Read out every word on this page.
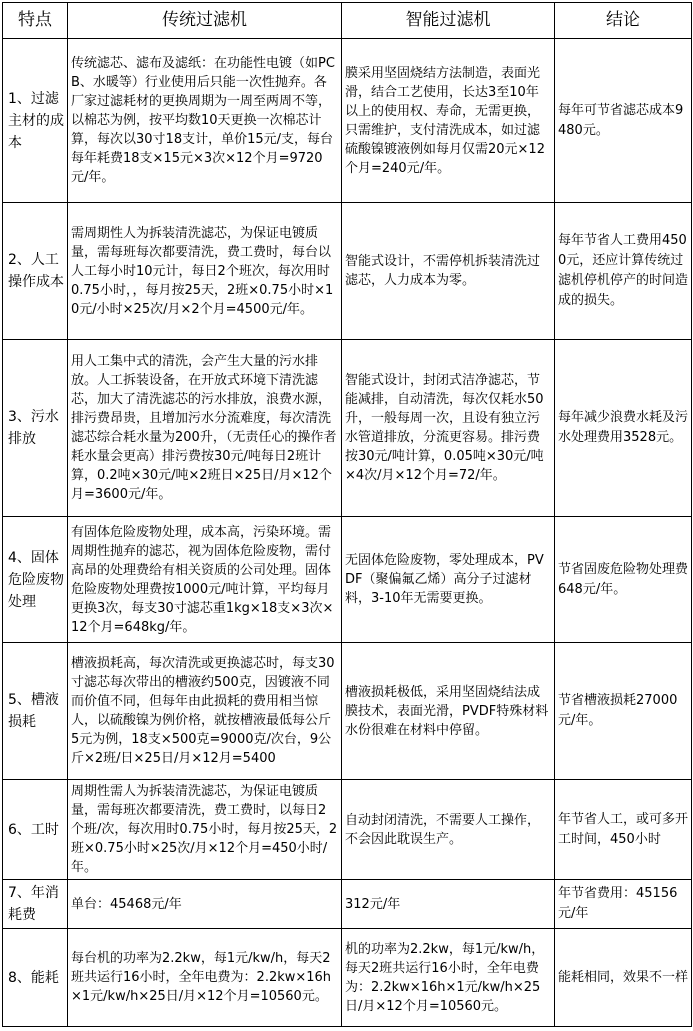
特点	传统过滤机	智能过滤机	结论
1、过滤主材的成本	传统滤芯、滤布及滤纸：在功能性电镀（如PCB、水暖等）行业使用后只能一次性抛弃。各厂家过滤耗材的更换周期为一周至两周不等，以棉芯为例，按平均数10天更换一次棉芯计算，每次以30寸18支计，单价15元/支，每台每年耗费18支×15元×3次×12个月=9720元/年。	膜采用坚固烧结方法制造，表面光滑，结合工艺使用，长达3至10年以上的使用权、寿命，无需更换，只需维护，支付清洗成本，如过滤硫酸镍镀液例如每月仅需20元×12个月=240元/年。	每年可节省滤芯成本9480元。
2、人工操作成本	需周期性人为拆装清洗滤芯，为保证电镀质量，需每班每次都要清洗，费工费时，每台以人工每小时10元计，每日2个班次，每次用时0.75小时，，每月按25天，2班×0.75小时×10元/小时×25次/月×2个月=4500元/年。	智能式设计，不需停机拆装清洗过滤芯，人力成本为零。	每年节省人工费用4500元，还应计算传统过滤机停机停产的时间造成的损失。
3、污水排放	用人工集中式的清洗，会产生大量的污水排放。人工拆装设备，在开放式环境下清洗滤芯，加大了清洗滤芯的污水排放，浪费水源，排污费昂贵，且增加污水分流难度，每次清洗滤芯综合耗水量为200升，（无责任心的操作者耗水量会更高）排污费按30元/吨每日2班计算，0.2吨×30元/吨×2班日×25日/月×12个月=3600元/年。	智能式设计，封闭式洁净滤芯，节能减排，自动清洗，每次仅耗水50升，一般每周一次，且设有独立污水管道排放，分流更容易。排污费按30元/吨计算，0.05吨×30元/吨×4次/月×12个月=72/年。	每年减少浪费水耗及污水处理费用3528元。
4、固体危险废物处理	有固体危险废物处理，成本高，污染环境。需周期性抛弃的滤芯，视为固体危险废物，需付高昂的处理费给有相关资质的公司处理。固体危险废物处理费按1000元/吨计算，平均每月更换3次，每支30寸滤芯重1kg×18支×3次×12个月=648kg/年。	无固体危险废物，零处理成本，PVDF（聚偏氟乙烯）高分子过滤材料，3-10年无需要更换。	节省固废危险物处理费648元/年。
5、槽液损耗	槽液损耗高，每次清洗或更换滤芯时，每支30寸滤芯每次带出的槽液约500克，因镀液不同而价值不同，但每年由此损耗的费用相当惊人，以硫酸镍为例价格，就按槽液最低每公斤5元为例，18支×500克=9000克/次台，9公斤×2班/日×25日/月×12月=5400	槽液损耗极低，采用坚固烧结法成膜技术，表面光滑，PVDF特殊材料水份很难在材料中停留。	节省槽液损耗27000元/年。
6、工时	周期性需人为拆装清洗滤芯，为保证电镀质量，需每班次都要清洗，费工费时，以每日2个班/次，每次用时0.75小时，每月按25天，2班×0.75小时×25次/月×12个月=450小时/年。	自动封闭清洗，不需要人工操作，不会因此耽误生产。	年节省人工，或可多开工时间，450小时
7、年消耗费	单台：45468元/年	312元/年	年节省费用：45156元/年
8、能耗	每台机的功率为2.2kw，每1元/kw/h，每天2班共运行16小时，全年电费为：2.2kw×16h×1元/kw/h×25日/月×12个月=10560元。	机的功率为2.2kw，每1元/kw/h，每天2班共运行16小时，全年电费为：2.2kw×16h×1元/kw/h×25日/月×12个月=10560元。	能耗相同，效果不一样
